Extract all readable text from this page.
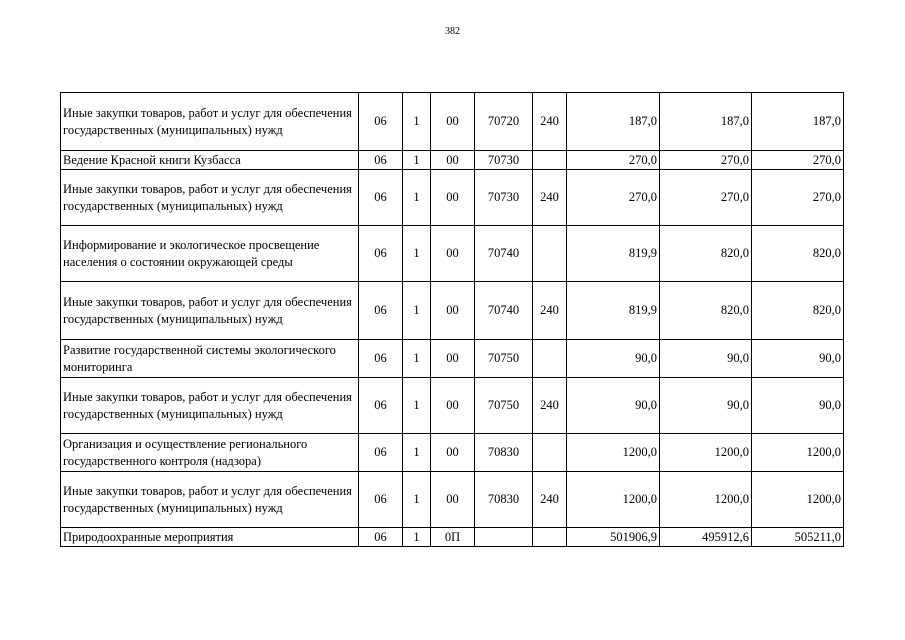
382
Иные закупки товаров, работ и услуг для обеспечения государственных (муниципальных) нужд	06	1	00	70720	240	187,0	187,0	187,0
Ведение Красной книги Кузбасса	06	1	00	70730		270,0	270,0	270,0
Иные закупки товаров, работ и услуг для обеспечения государственных (муниципальных) нужд	06	1	00	70730	240	270,0	270,0	270,0
Информирование и экологическое просвещение населения о состоянии окружающей среды	06	1	00	70740		819,9	820,0	820,0
Иные закупки товаров, работ и услуг для обеспечения государственных (муниципальных) нужд	06	1	00	70740	240	819,9	820,0	820,0
Развитие государственной системы экологического мониторинга	06	1	00	70750		90,0	90,0	90,0
Иные закупки товаров, работ и услуг для обеспечения государственных (муниципальных) нужд	06	1	00	70750	240	90,0	90,0	90,0
Организация и осуществление регионального государственного контроля (надзора)	06	1	00	70830		1200,0	1200,0	1200,0
Иные закупки товаров, работ и услуг для обеспечения государственных (муниципальных) нужд	06	1	00	70830	240	1200,0	1200,0	1200,0
Природоохранные мероприятия	06	1	0П			501906,9	495912,6	505211,0
